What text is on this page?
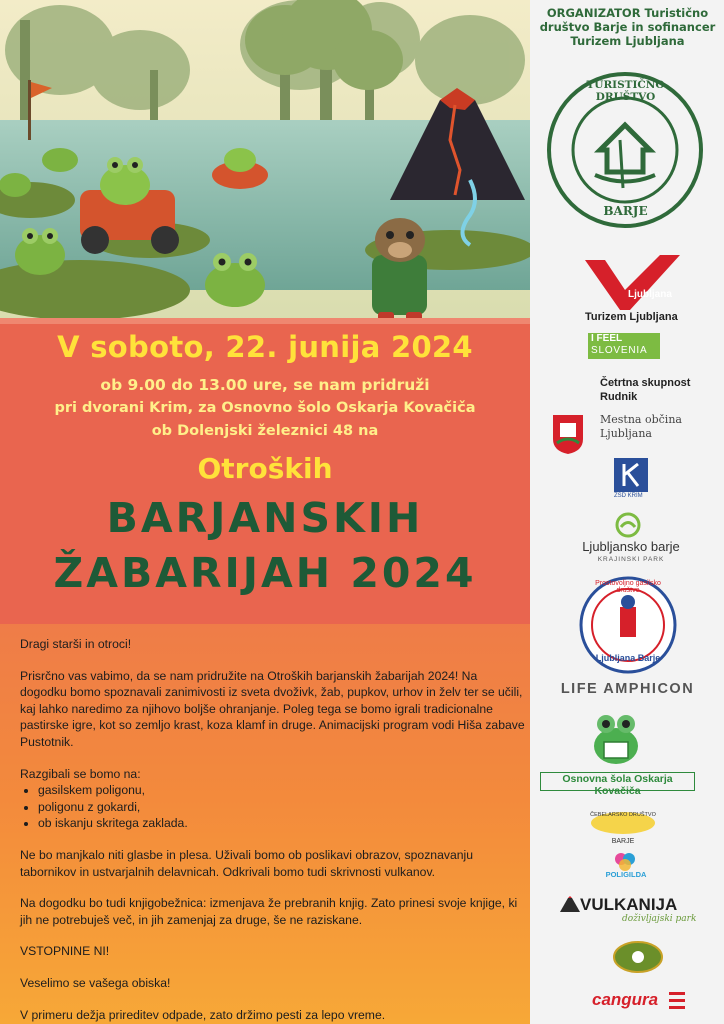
V soboto, 22. junija 2024
ob 9.00 do 13.00 ure, se nam pridruži
pri dvorani Krim, za Osnovno šolo Oskarja Kovačiča
ob Dolenjski železnici 48 na
Otroških
BARJANSKIH
ŽABARIJAH 2024

Dragi starši in otroci!

Prisrčno vas vabimo, da se nam pridružite na Otroških barjanskih žabarijah 2024! Na dogodku bomo spoznavali zanimivosti iz sveta dvoživk, žab, pupkov, urhov in želv ter se učili, kaj lahko naredimo za njihovo boljše ohranjanje. Poleg tega se bomo igrali tradicionalne pastirske igre, kot so zemljo krast, koza klamf in druge. Animacijski program vodi Hiša zabave Pustotnik.

Razgibali se bomo na:
• gasilskem poligonu,
• poligonu z gokardi,
• ob iskanju skritega zaklada.

Ne bo manjkalo niti glasbe in plesa. Uživali bomo ob poslikavi obrazov, spoznavanju tabornikov in ustvarjalnih delavnicah. Odkrivali bomo tudi skrivnosti vulkanov.

Na dogodku bo tudi knjigobežnica: izmenjava že prebranih knjig. Zato prinesi svoje knjige, ki jih ne potrebuješ več, in jih zamenjaj za druge, še ne raziskane.

VSTOPNINE NI!

Veselimo se vašega obiska!

V primeru dežja prireditev odpade, zato držimo pesti za lepo vreme.

ORGANIZATOR Turistično društvo Barje in sofinancer Turizem Ljubljana
TURISTIČNO DRUŠTVO
BARJE
Ljubljana
Turizem Ljubljana
I FEEL
SLOVENIA
Četrtna skupnost
Rudnik
Mestna občina
Ljubljana
ZSD KRIM
Ljubljansko barje
KRAJINSKI PARK
Prostovoljno gasilsko društvo
Ljubljana Barje
LIFE AMPHICON
Osnovna šola Oskarja Kovačiča
ČEBELARSKO DRUŠTVO
BARJE
POLIGILDA
VULKANIJA
doživljajski park
cangura
